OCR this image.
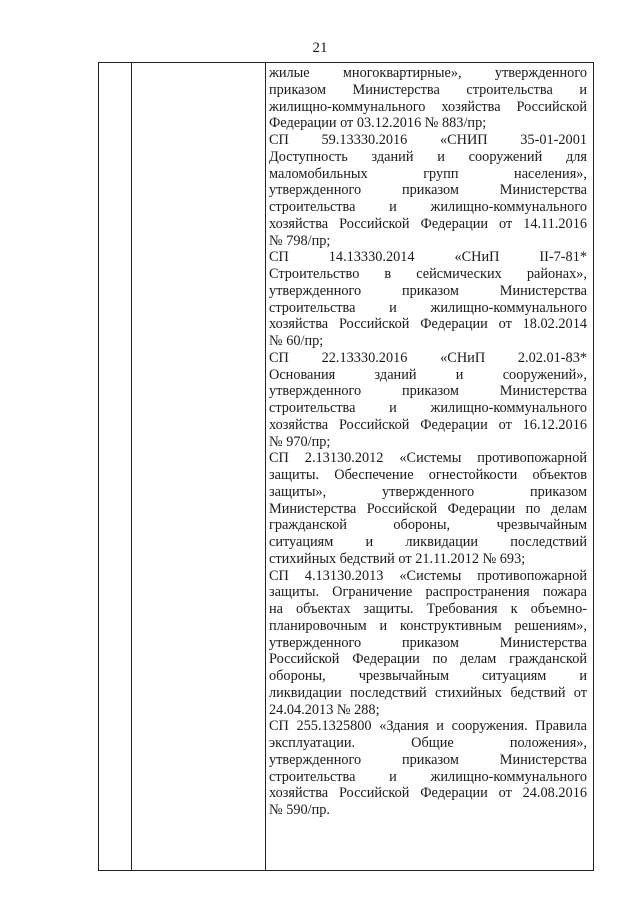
21
жилые многоквартирные», утвержденного
приказом Министерства строительства и
жилищно-коммунального хозяйства Российской
Федерации от 03.12.2016 № 883/пр;
СП 59.13330.2016 «СНИП 35-01-2001
Доступность зданий и сооружений для
маломобильных групп населения»,
утвержденного приказом Министерства
строительства и жилищно-коммунального
хозяйства Российской Федерации от 14.11.2016
№ 798/пр;
СП 14.13330.2014 «СНиП II-7-81*
Строительство в сейсмических районах»,
утвержденного приказом Министерства
строительства и жилищно-коммунального
хозяйства Российской Федерации от 18.02.2014
№ 60/пр;
СП 22.13330.2016 «СНиП 2.02.01-83*
Основания зданий и сооружений»,
утвержденного приказом Министерства
строительства и жилищно-коммунального
хозяйства Российской Федерации от 16.12.2016
№ 970/пр;
СП 2.13130.2012 «Системы противопожарной
защиты. Обеспечение огнестойкости объектов
защиты», утвержденного приказом
Министерства Российской Федерации по делам
гражданской обороны, чрезвычайным
ситуациям и ликвидации последствий
стихийных бедствий от 21.11.2012 № 693;
СП 4.13130.2013 «Системы противопожарной
защиты. Ограничение распространения пожара
на объектах защиты. Требования к объемно-
планировочным и конструктивным решениям»,
утвержденного приказом Министерства
Российской Федерации по делам гражданской
обороны, чрезвычайным ситуациям и
ликвидации последствий стихийных бедствий от
24.04.2013 № 288;
СП 255.1325800 «Здания и сооружения. Правила
эксплуатации. Общие положения»,
утвержденного приказом Министерства
строительства и жилищно-коммунального
хозяйства Российской Федерации от 24.08.2016
№ 590/пр.
